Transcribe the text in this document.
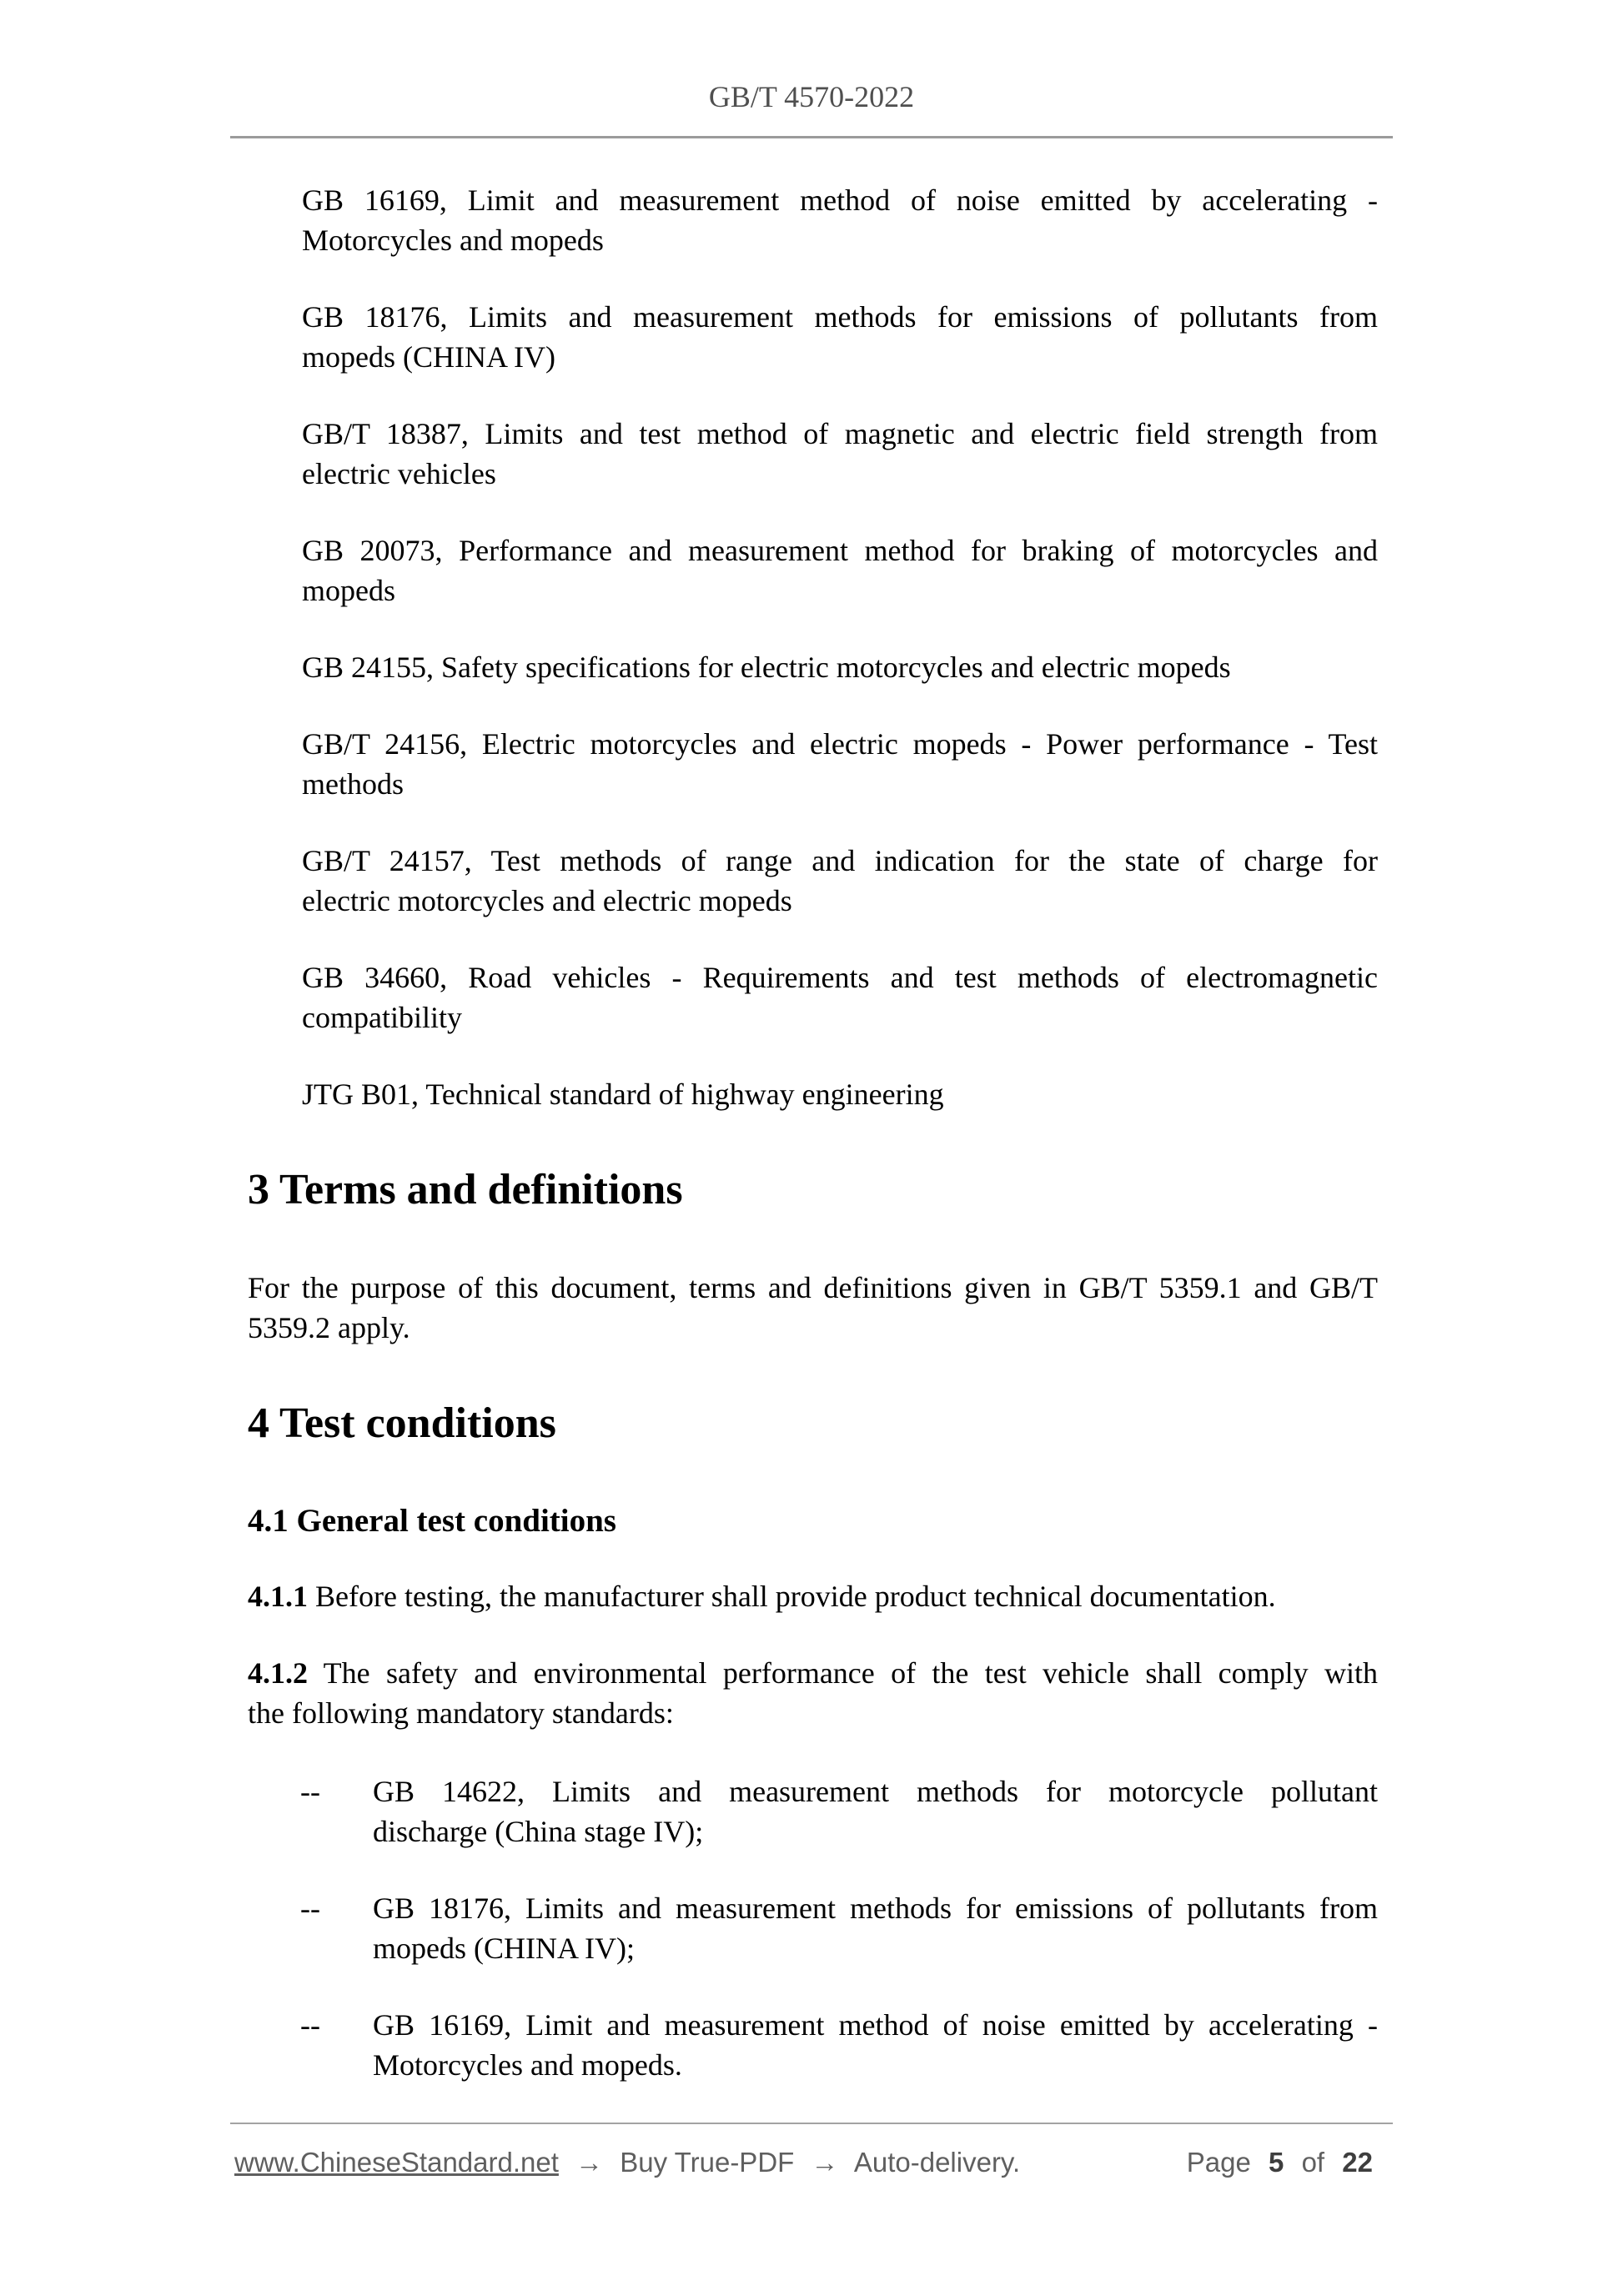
GB/T 4570-2022
GB 16169, Limit and measurement method of noise emitted by accelerating -
Motorcycles and mopeds
GB 18176, Limits and measurement methods for emissions of pollutants from
mopeds (CHINA IV)
GB/T 18387, Limits and test method of magnetic and electric field strength from
electric vehicles
GB 20073, Performance and measurement method for braking of motorcycles and
mopeds
GB 24155, Safety specifications for electric motorcycles and electric mopeds
GB/T 24156, Electric motorcycles and electric mopeds - Power performance - Test
methods
GB/T 24157, Test methods of range and indication for the state of charge for
electric motorcycles and electric mopeds
GB 34660, Road vehicles - Requirements and test methods of electromagnetic
compatibility
JTG B01, Technical standard of highway engineering
3 Terms and definitions
For the purpose of this document, terms and definitions given in GB/T 5359.1 and GB/T
5359.2 apply.
4 Test conditions
4.1 General test conditions
4.1.1 Before testing, the manufacturer shall provide product technical documentation.
4.1.2 The safety and environmental performance of the test vehicle shall comply with
the following mandatory standards:
--	GB 14622, Limits and measurement methods for motorcycle pollutant
discharge (China stage IV);
--	GB 18176, Limits and measurement methods for emissions of pollutants from
mopeds (CHINA IV);
--	GB 16169, Limit and measurement method of noise emitted by accelerating -
Motorcycles and mopeds.
www.ChineseStandard.net → Buy True-PDF → Auto-delivery.	Page 5 of 22
